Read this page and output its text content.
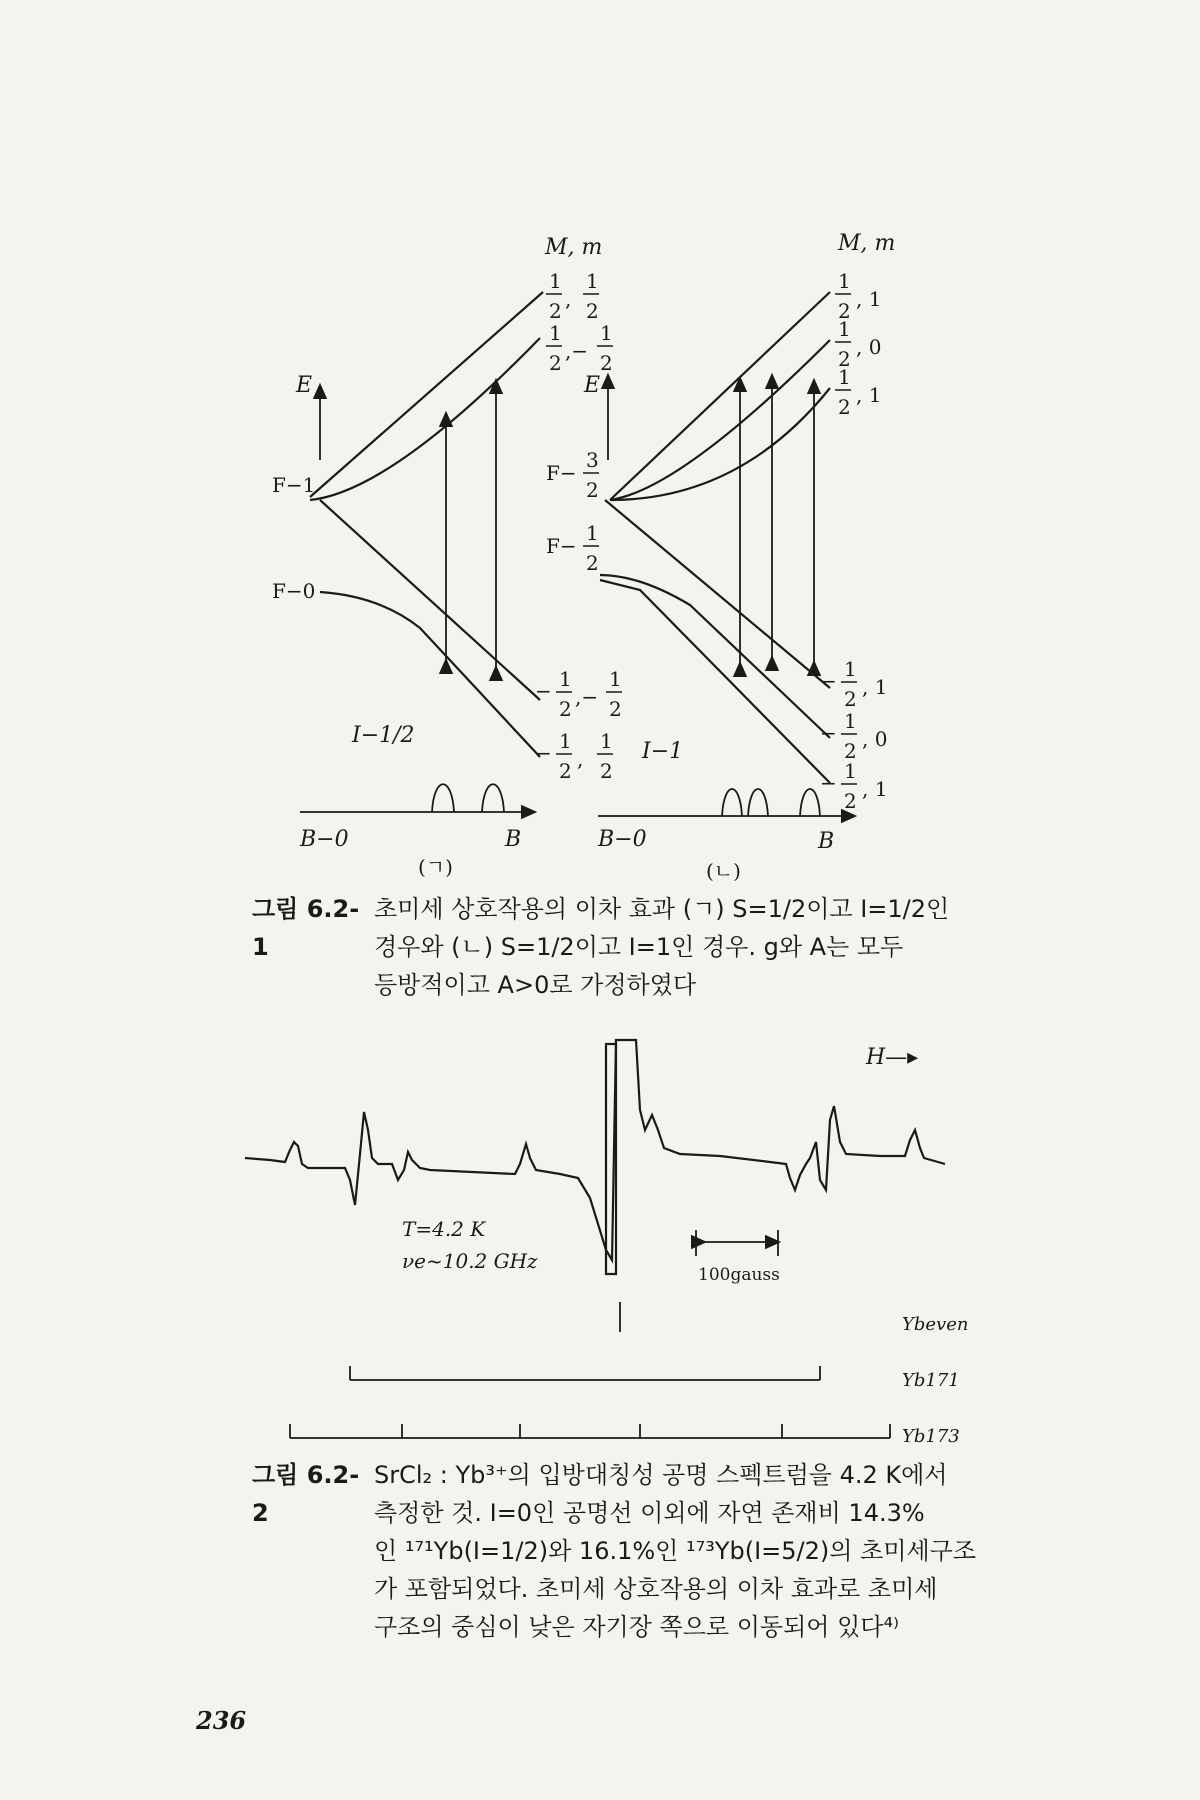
M, m
E
F−1
F−0
1
2 ,
1
2
1
2 ,−
1
2
− 1
2 ,−
1
2
− 1
2 ,
1
2
I−1/2
B−0	B
(ㄱ)
M, m
E
F−
3
2
F−
1
2
1
2 , 1
1
2 , 0
1
2 , 1
− 1
2 , 1
− 1
2 , 0
− 1
2 , 1
I−1
B−0	B
(ㄴ)
그림 6.2-1
초미세 상호작용의 이차 효과 (ㄱ) S=1/2이고 I=1/2인
경우와 (ㄴ) S=1/2이고 I=1인 경우. g와 A는 모두
등방적이고 A>0로 가정하였다
H—▸
T=4.2 K
νe~10.2 GHz
100gauss
Ybeven
Yb171
Yb173
그림 6.2-2
SrCl₂ : Yb³⁺의 입방대칭성 공명 스펙트럼을 4.2 K에서
측정한 것. I=0인 공명선 이외에 자연 존재비 14.3%
인 ¹⁷¹Yb(I=1/2)와 16.1%인 ¹⁷³Yb(I=5/2)의 초미세구조
가 포함되었다. 초미세 상호작용의 이차 효과로 초미세
구조의 중심이 낮은 자기장 쪽으로 이동되어 있다⁴⁾
236
